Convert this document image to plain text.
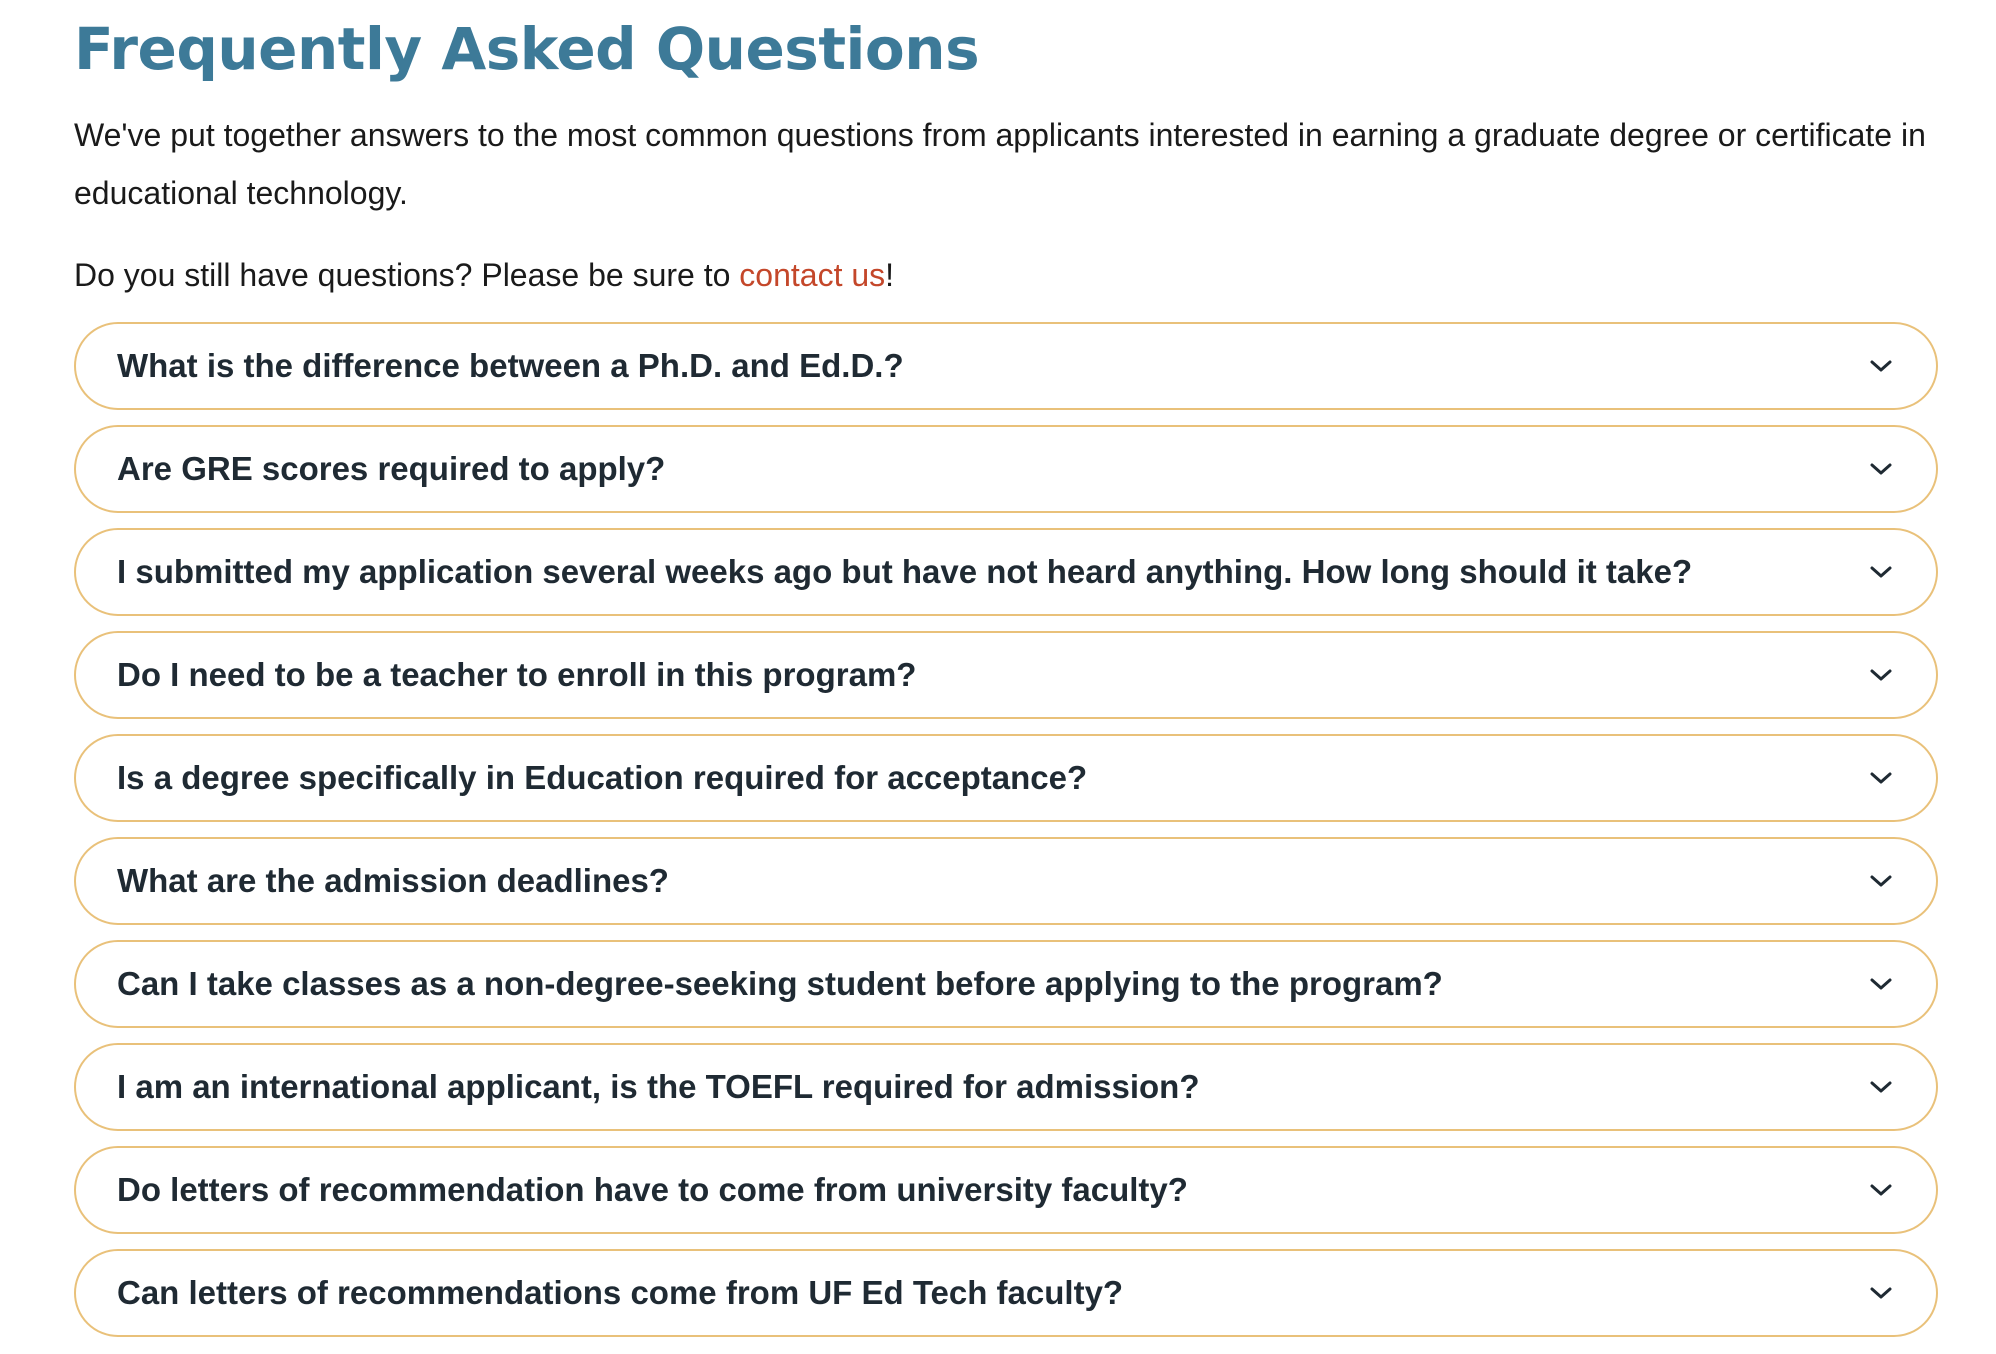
Frequently Asked Questions

We've put together answers to the most common questions from applicants interested in earning a graduate degree or certificate in educational technology.

Do you still have questions? Please be sure to contact us!

What is the difference between a Ph.D. and Ed.D.?
Are GRE scores required to apply?
I submitted my application several weeks ago but have not heard anything. How long should it take?
Do I need to be a teacher to enroll in this program?
Is a degree specifically in Education required for acceptance?
What are the admission deadlines?
Can I take classes as a non-degree-seeking student before applying to the program?
I am an international applicant, is the TOEFL required for admission?
Do letters of recommendation have to come from university faculty?
Can letters of recommendations come from UF Ed Tech faculty?
